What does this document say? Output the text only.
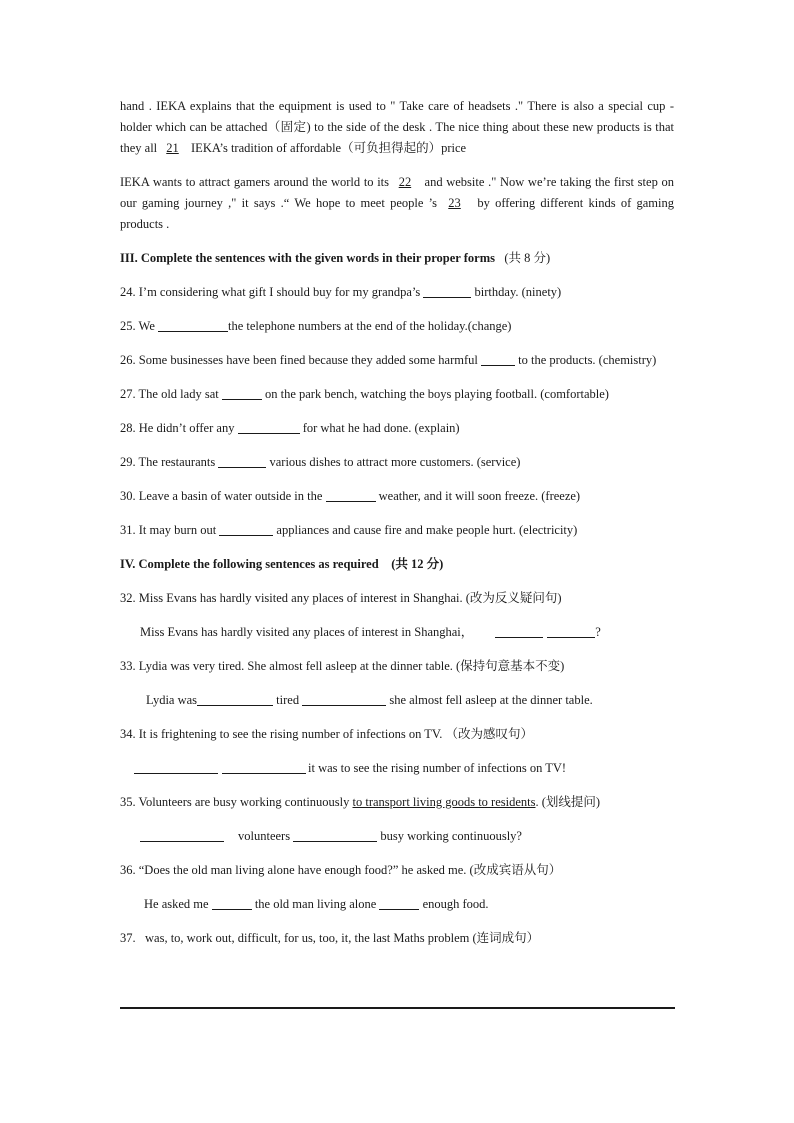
hand . IEKA explains that the equipment is used to " Take care of headsets ." There is also a special cup - holder which can be attached（固定) to the side of the desk . The nice thing about these new products is that they all 21 IEKA’s tradition of affordable（可负担得起的）price

IEKA wants to attract gamers around the world to its 22 and website ." Now we’re taking the first step on our gaming journey ," it says .“ We hope to meet people ’s 23 by offering different kinds of gaming products .

III. Complete the sentences with the given words in their proper forms (共 8 分)
24. I’m considering what gift I should buy for my grandpa’s	birthday. (ninety)
25. We	the telephone numbers at the end of the holiday.(change)
26. Some businesses have been fined because they added some harmful	to the products. (chemistry)
27. The old lady sat	on the park bench, watching the boys playing football. (comfortable)
28. He didn’t offer any	for what he had done. (explain)
29. The restaurants	various dishes to attract more customers. (service)
30. Leave a basin of water outside in the	weather, and it will soon freeze. (freeze)
31. It may burn out	appliances and cause fire and make people hurt. (electricity)
IV. Complete the following sentences as required (共 12 分)
32. Miss Evans has hardly visited any places of interest in Shanghai. (改为反义疑问句)
Miss Evans has hardly visited any places of interest in Shanghai，	?
33. Lydia was very tired. She almost fell asleep at the dinner table. (保持句意基本不变)
Lydia was	tired	she almost fell asleep at the dinner table.
34. It is frightening to see the rising number of infections on TV. （改为感叹句）
it was to see the rising number of infections on TV!
35. Volunteers are busy working continuously to transport living goods to residents. (划线提问)
volunteers	busy working continuously?
36. “Does the old man living alone have enough food?” he asked me. (改成宾语从句）
He asked me	the old man living alone	enough food.
37.   was, to, work out, difficult, for us, too, it, the last Maths problem (连词成句）
